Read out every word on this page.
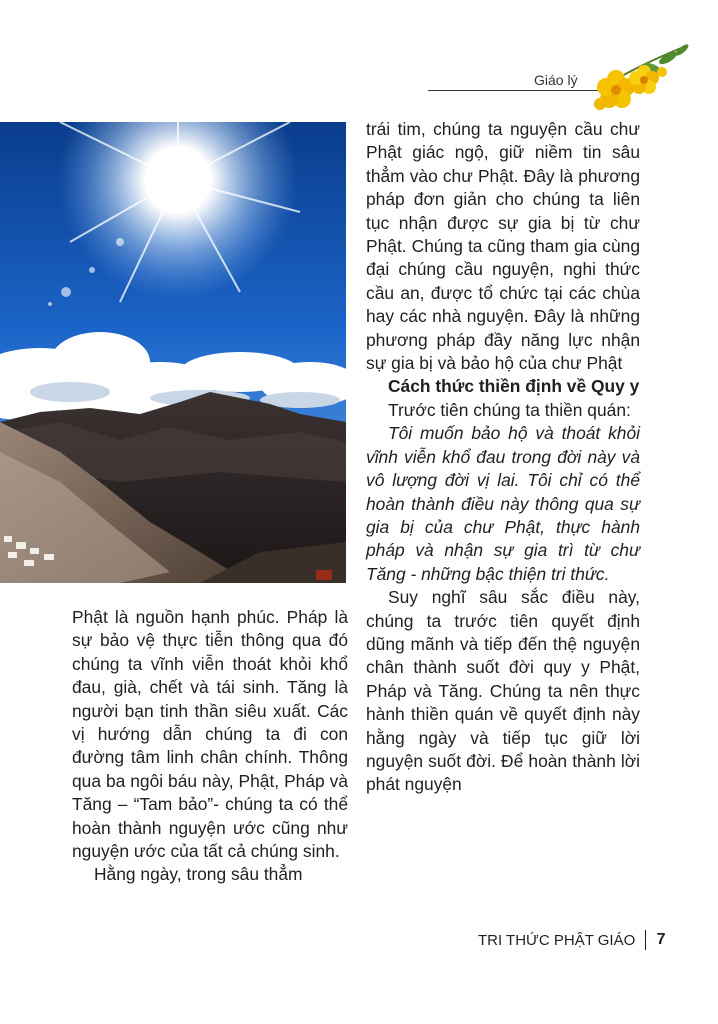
Giáo lý

Phật là nguồn hạnh phúc. Pháp là sự bảo vệ thực tiễn thông qua đó chúng ta vĩnh viễn thoát khỏi khổ đau, già, chết và tái sinh. Tăng là người bạn tinh thần siêu xuất. Các vị hướng dẫn chúng ta đi con đường tâm linh chân chính. Thông qua ba ngôi báu này, Phật, Pháp và Tăng – “Tam bảo”- chúng ta có thể hoàn thành nguyện ước cũng như nguyện ước của tất cả chúng sinh.

Hằng ngày, trong sâu thẳm

trái tim, chúng ta nguyện cầu chư Phật giác ngộ, giữ niềm tin sâu thẳm vào chư Phật. Đây là phương pháp đơn giản cho chúng ta liên tục nhận được sự gia bị từ chư Phật. Chúng ta cũng tham gia cùng đại chúng cầu nguyện, nghi thức cầu an, được tổ chức tại các chùa hay các nhà nguyện. Đây là những phương pháp đầy năng lực nhận sự gia bị và bảo hộ của chư Phật

Cách thức thiền định về Quy y

Trước tiên chúng ta thiền quán:

Tôi muốn bảo hộ và thoát khỏi vĩnh viễn khổ đau trong đời này và vô lượng đời vị lai. Tôi chỉ có thể hoàn thành điều này thông qua sự gia bị của chư Phật, thực hành pháp và nhận sự gia trì từ chư Tăng - những bậc thiện tri thức.

Suy nghĩ sâu sắc điều này, chúng ta trước tiên quyết định dũng mãnh và tiếp đến thệ nguyện chân thành suốt đời quy y Phật, Pháp và Tăng. Chúng ta nên thực hành thiền quán về quyết định này hằng ngày và tiếp tục giữ lời nguyện suốt đời. Để hoàn thành lời phát nguyện

TRI THỨC PHẬT GIÁO 7
